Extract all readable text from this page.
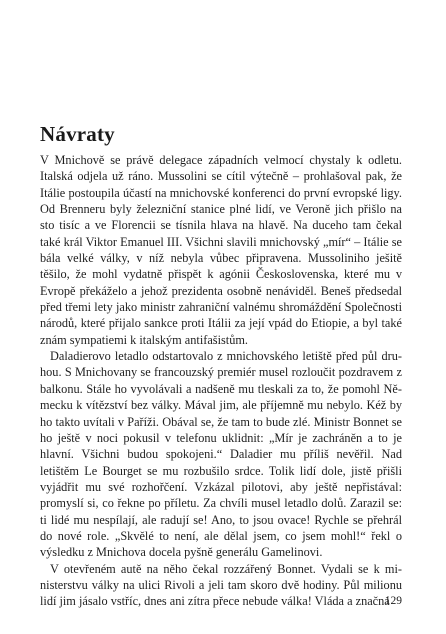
Návraty

V Mnichově se právě delegace západních velmocí chystaly k odletu. Italská odjela už ráno. Mussolini se cítil výtečně – prohlašoval pak, že Itálie postoupila účastí na mnichovské konferenci do první evropské ligy. Od Brenneru byly železniční stanice plné lidí, ve Veroně jich přišlo na sto tisíc a ve Florencii se tísnila hlava na hlavě. Na duceho tam čekal také král Viktor Emanuel III. Všichni slavili mnichovský „mír“ – Itálie se bála velké války, v níž nebyla vůbec připravena. Mussoliniho ješitě těšilo, že mohl vydatně přispět k agónii Československa, které mu v Evropě překáželo a jehož prezidenta osobně nenáviděl. Beneš předsedal před třemi lety jako ministr zahraniční valnému shromáždění Společnosti národů, které přijalo sankce proti Itálii za její vpád do Etiopie, a byl také znám sympatiemi k italským antifašistům.

Daladierovo letadlo odstartovalo z mnichovského letiště před půl druhou. S Mnichovany se francouzský premiér musel rozloučit pozdravem z balkonu. Stále ho vyvolávali a nadšeně mu tleskali za to, že pomohl Německu k vítězství bez války. Mával jim, ale příjemně mu nebylo. Kéž by ho takto uvítali v Paříži. Obával se, že tam to bude zlé. Ministr Bonnet se ho ještě v noci pokusil v telefonu uklidnit: „Mír je zachráněn a to je hlavní. Všichni budou spokojeni.“ Daladier mu příliš nevěřil. Nad letištěm Le Bourget se mu rozbušilo srdce. Tolik lidí dole, jistě přišli vyjádřit mu své rozhořčení. Vzkázal pilotovi, aby ještě nepřistával: promyslí si, co řekne po příletu. Za chvíli musel letadlo dolů. Zarazil se: ti lidé mu nespílají, ale radují se! Ano, to jsou ovace! Rychle se přehrál do nové role. „Skvělé to není, ale dělal jsem, co jsem mohl!“ řekl o výsledku z Mnichova docela pyšně generálu Gamelinovi.

V otevřeném autě na něho čekal rozzářený Bonnet. Vydali se k ministerstvu války na ulici Rivoli a jeli tam skoro dvě hodiny. Půl milionu lidí jim jásalo vstříc, dnes ani zítra přece nebude válka! Vláda a značná

129
